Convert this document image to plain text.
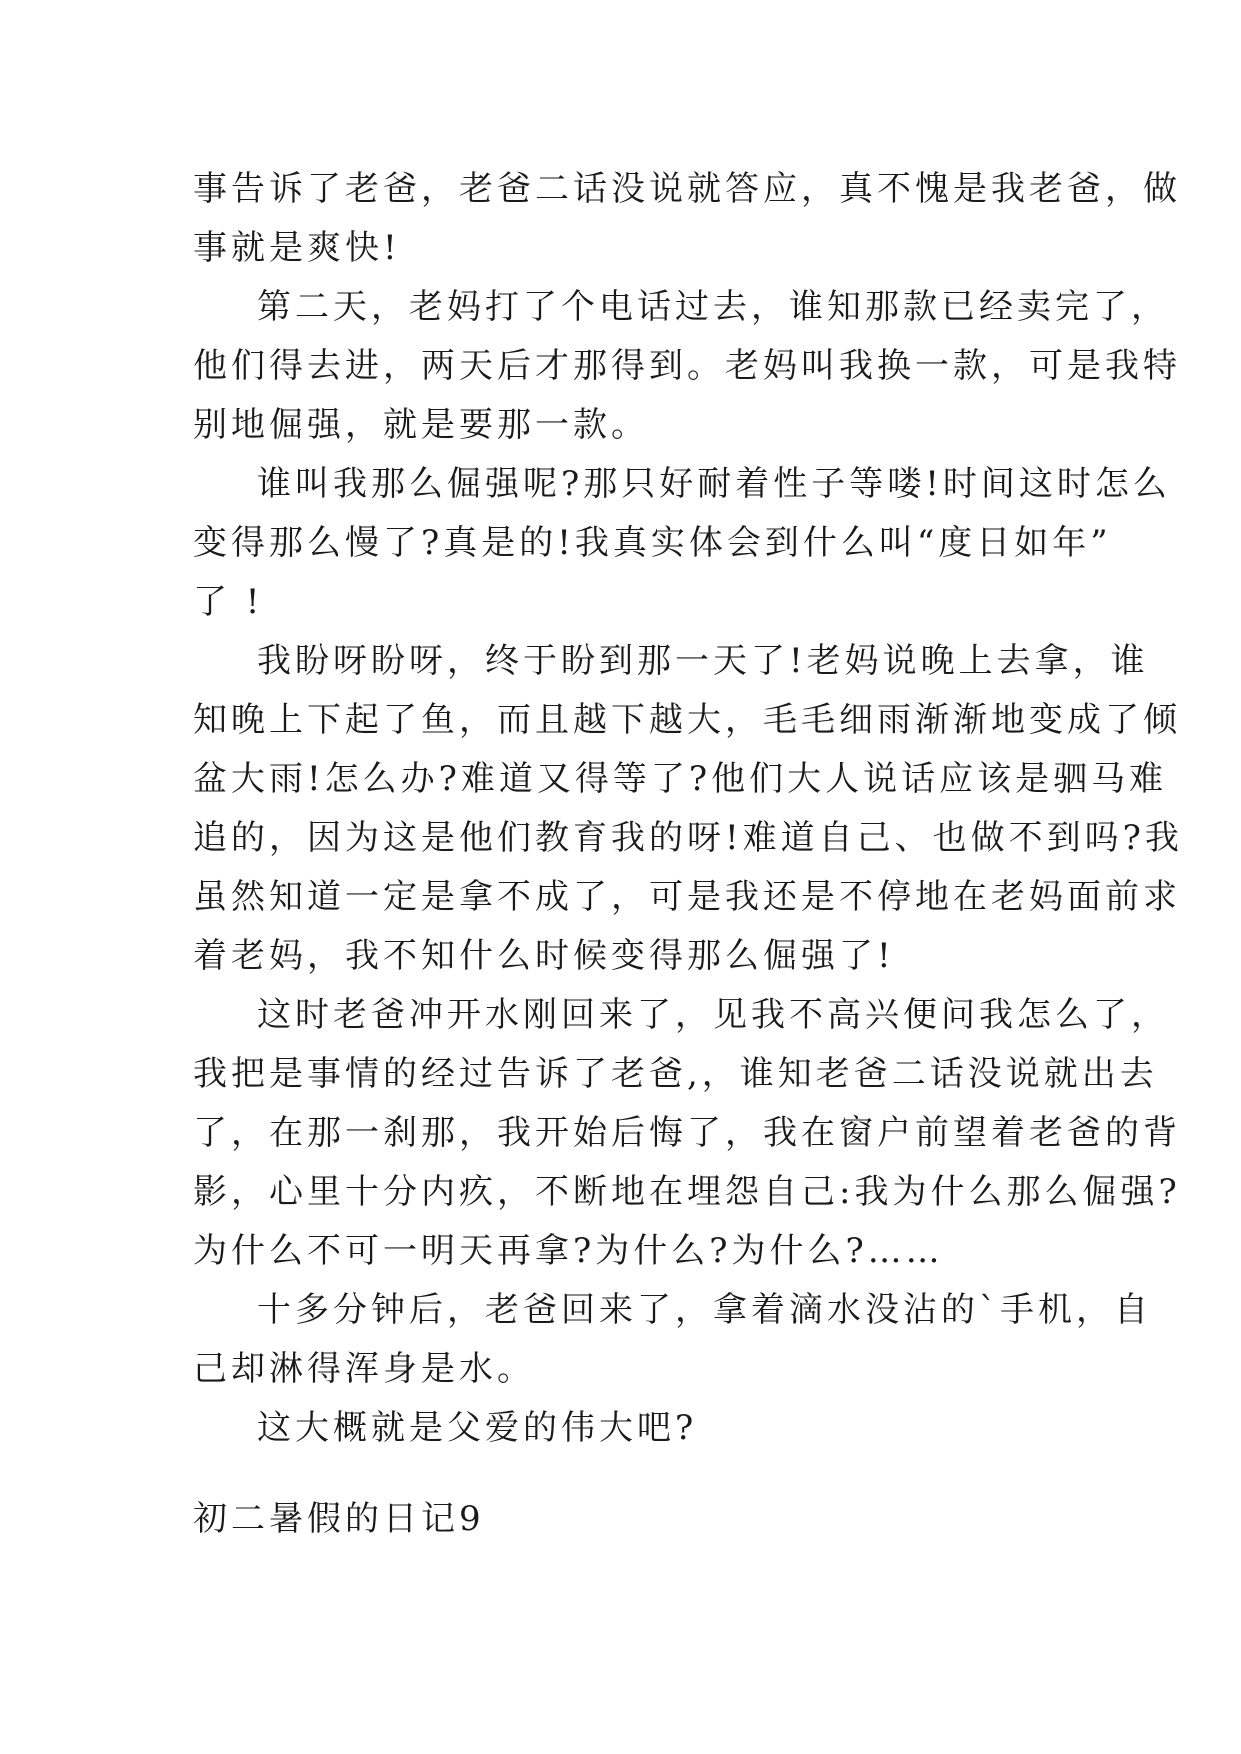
事告诉了老爸，老爸二话没说就答应，真不愧是我老爸，做
事就是爽快!
第二天，老妈打了个电话过去，谁知那款已经卖完了，
他们得去进，两天后才那得到。老妈叫我换一款，可是我特
别地倔强，就是要那一款。
谁叫我那么倔强呢?那只好耐着性子等喽!时间这时怎么
变得那么慢了?真是的!我真实体会到什么叫“度日如年”
了 !
我盼呀盼呀，终于盼到那一天了!老妈说晚上去拿，谁
知晚上下起了鱼，而且越下越大，毛毛细雨渐渐地变成了倾
盆大雨!怎么办?难道又得等了?他们大人说话应该是驷马难
追的，因为这是他们教育我的呀!难道自己、也做不到吗?我
虽然知道一定是拿不成了，可是我还是不停地在老妈面前求
着老妈，我不知什么时候变得那么倔强了!
这时老爸冲开水刚回来了，见我不高兴便问我怎么了，
我把是事情的经过告诉了老爸,，谁知老爸二话没说就出去
了，在那一刹那，我开始后悔了，我在窗户前望着老爸的背
影，心里十分内疚，不断地在埋怨自己:我为什么那么倔强?
为什么不可一明天再拿?为什么?为什么?……
十多分钟后，老爸回来了，拿着滴水没沾的`手机，自
己却淋得浑身是水。
这大概就是父爱的伟大吧?
初二暑假的日记9
